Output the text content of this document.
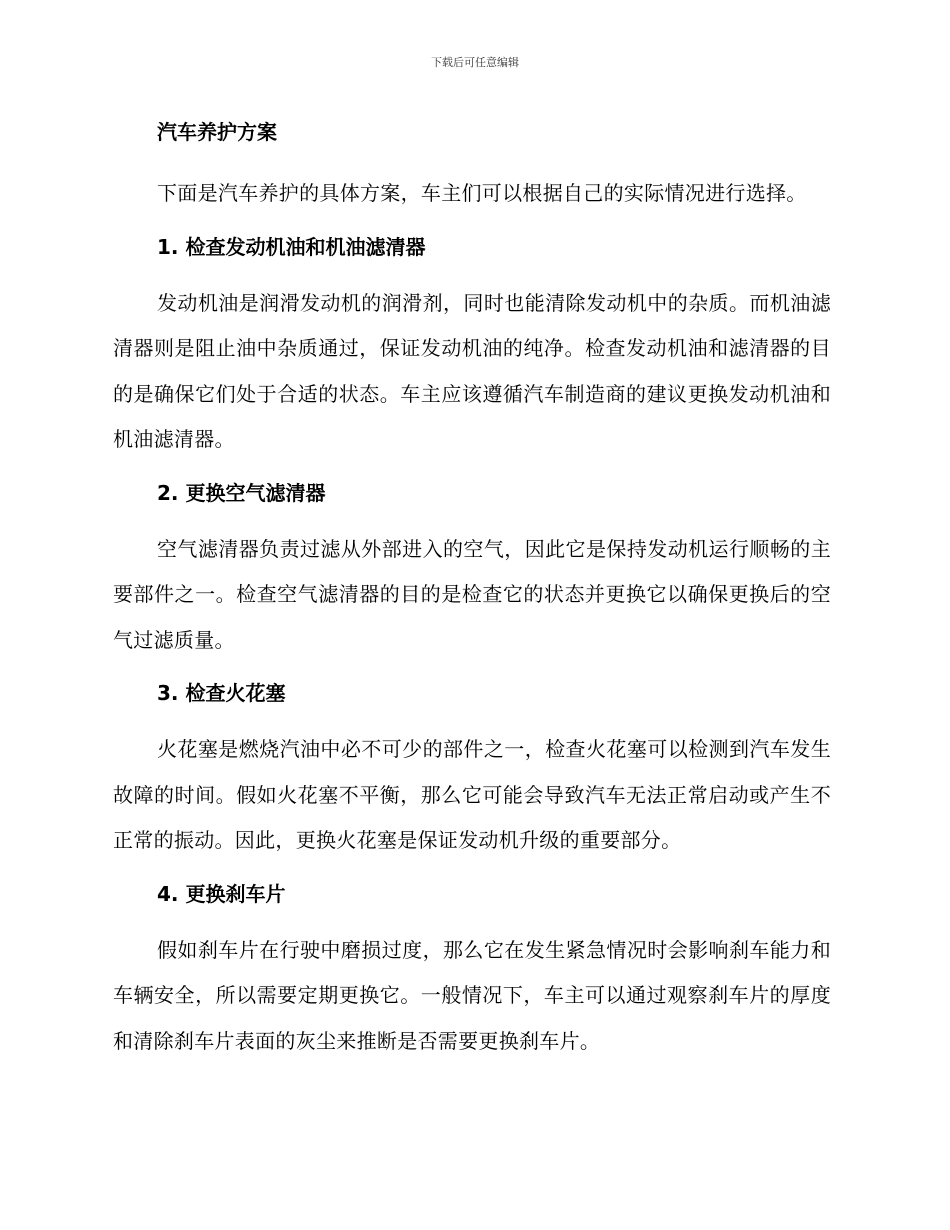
下载后可任意编辑
汽车养护方案

下面是汽车养护的具体方案，车主们可以根据自己的实际情况进行选择。

1. 检查发动机油和机油滤清器

发动机油是润滑发动机的润滑剂，同时也能清除发动机中的杂质。而机油滤清器则是阻止油中杂质通过，保证发动机油的纯净。检查发动机油和滤清器的目的是确保它们处于合适的状态。车主应该遵循汽车制造商的建议更换发动机油和机油滤清器。

2. 更换空气滤清器

空气滤清器负责过滤从外部进入的空气，因此它是保持发动机运行顺畅的主要部件之一。检查空气滤清器的目的是检查它的状态并更换它以确保更换后的空气过滤质量。

3. 检查火花塞

火花塞是燃烧汽油中必不可少的部件之一，检查火花塞可以检测到汽车发生故障的时间。假如火花塞不平衡，那么它可能会导致汽车无法正常启动或产生不正常的振动。因此，更换火花塞是保证发动机升级的重要部分。

4. 更换刹车片

假如刹车片在行驶中磨损过度，那么它在发生紧急情况时会影响刹车能力和车辆安全，所以需要定期更换它。一般情况下，车主可以通过观察刹车片的厚度和清除刹车片表面的灰尘来推断是否需要更换刹车片。
